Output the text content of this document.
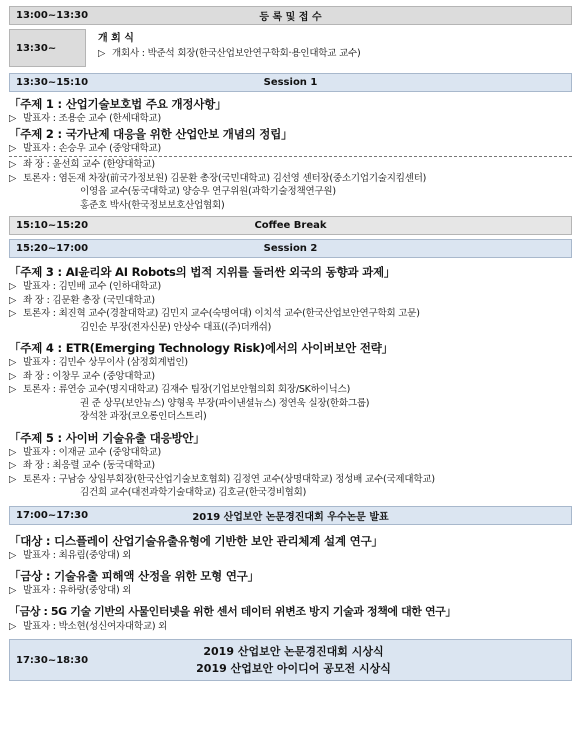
13:00~13:30	등 록 및 접 수
13:30~
개 회 식
▷ 개회사 : 박준석 회장(한국산업보안연구학회·용인대학교 교수)
13:30~15:10	Session 1
「주제 1 : 산업기술보호법 주요 개정사항」
▷ 발표자 : 조용순 교수 (한세대학교)
「주제 2 : 국가난제 대응을 위한 산업안보 개념의 정립」
▷ 발표자 : 손승우 교수 (중앙대학교)
▷ 좌 장 : 윤선희 교수 (한양대학교)
▷ 토론자 : 염돈재 차장(前국가정보원) 김문환 총장(국민대학교) 김선영 센터장(중소기업기술지킴센터)
이영읍 교수(동국대학교) 양승우 연구위원(과학기술정책연구원)
홍준호 박사(한국정보보호산업협회)
15:10~15:20	Coffee Break
15:20~17:00	Session 2
「주제 3 : AI윤리와 AI Robots의 법적 지위를 둘러싼 외국의 동향과 과제」
▷ 발표자 : 김민배 교수 (인하대학교)
▷ 좌 장 : 김문환 총장 (국민대학교)
▷ 토론자 : 최진혁 교수(경찰대학교) 김민지 교수(숙명여대) 이치석 교수(한국산업보안연구학회 고문)
김인순 부장(전자신문) 안상수 대표((주)더캐쉬)
「주제 4 : ETR(Emerging Technology Risk)에서의 사이버보안 전략」
▷ 발표자 : 김민수 상무이사 (삼정회계법인)
▷ 좌 장 : 이창무 교수 (중앙대학교)
▷ 토론자 : 류연승 교수(명지대학교) 김재수 팀장(기업보안협의회 회장/SK하이닉스)
권 준 상무(보안뉴스) 양형욱 부장(파이낸셜뉴스) 정연욱 실장(한화그룹)
장석찬 과장(코오롱인더스트리)
「주제 5 : 사이버 기술유출 대응방안」
▷ 발표자 : 이재균 교수 (중앙대학교)
▷ 좌 장 : 최응렬 교수 (동국대학교)
▷ 토론자 : 구남승 상임부회장(한국산업기술보호협회) 김정연 교수(상명대학교) 정성배 교수(국제대학교)
김건희 교수(대전과학기술대학교) 김호균(한국경비협회)
17:00~17:30	2019 산업보안 논문경진대회 우수논문 발표
「대상 : 디스플레이 산업기술유출유형에 기반한 보안 관리체계 설계 연구」
▷ 발표자 : 최유림(중앙대) 외
「금상 : 기술유출 피해액 산정을 위한 모형 연구」
▷ 발표자 : 유하랑(중앙대) 외
「금상 : 5G 기술 기반의 사물인터넷을 위한 센서 데이터 위변조 방지 기술과 정책에 대한 연구」
▷ 발표자 : 박소현(성신여자대학교) 외
17:30~18:30
2019 산업보안 논문경진대회 시상식
2019 산업보안 아이디어 공모전 시상식
